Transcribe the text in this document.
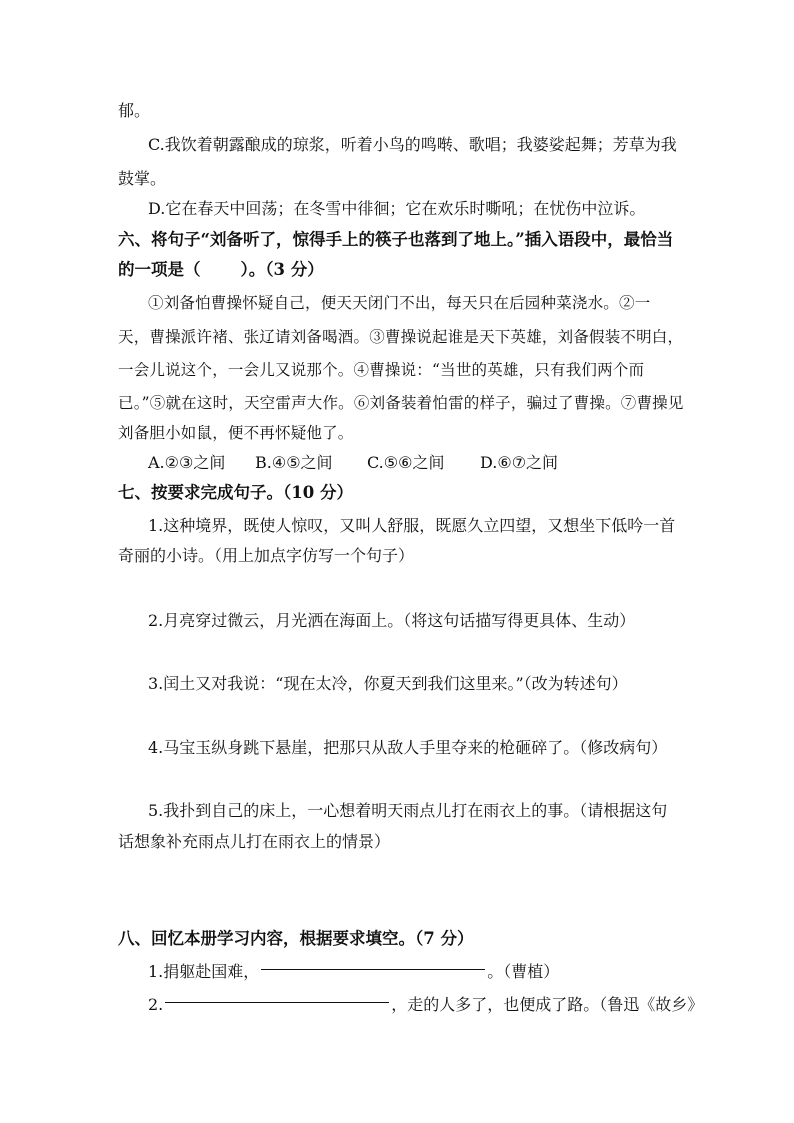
郁。
C.我饮着朝露酿成的琼浆，听着小鸟的鸣啭、歌唱；我婆娑起舞；芳草为我
鼓掌。
D.它在春天中回荡；在冬雪中徘徊；它在欢乐时嘶吼；在忧伤中泣诉。
六、将句子“刘备听了，惊得手上的筷子也落到了地上。”插入语段中，最恰当
的一项是（ ）。（3 分）
①刘备怕曹操怀疑自己，便天天闭门不出，每天只在后园种菜浇水。②一
天，曹操派许褚、张辽请刘备喝酒。③曹操说起谁是天下英雄，刘备假装不明白，
一会儿说这个，一会儿又说那个。④曹操说：“当世的英雄，只有我们两个而
已。”⑤就在这时，天空雷声大作。⑥刘备装着怕雷的样子，骗过了曹操。⑦曹操见
刘备胆小如鼠，便不再怀疑他了。
A.②③之间 B.④⑤之间 C.⑤⑥之间 D.⑥⑦之间
七、按要求完成句子。（10 分）
1.这种境界，既使人惊叹，又叫人舒服，既愿久立四望，又想坐下低吟一首
奇丽的小诗。（用上加点字仿写一个句子）
2.月亮穿过微云，月光洒在海面上。（将这句话描写得更具体、生动）
3.闰土又对我说：“现在太冷，你夏天到我们这里来。”（改为转述句）
4.马宝玉纵身跳下悬崖，把那只从敌人手里夺来的枪砸碎了。（修改病句）
5.我扑到自己的床上，一心想着明天雨点儿打在雨衣上的事。（请根据这句
话想象补充雨点儿打在雨衣上的情景）
八、回忆本册学习内容，根据要求填空。（7 分）
1.捐躯赴国难，	。（曹植）
2.	，走的人多了，也便成了路。（鲁迅《故乡》
